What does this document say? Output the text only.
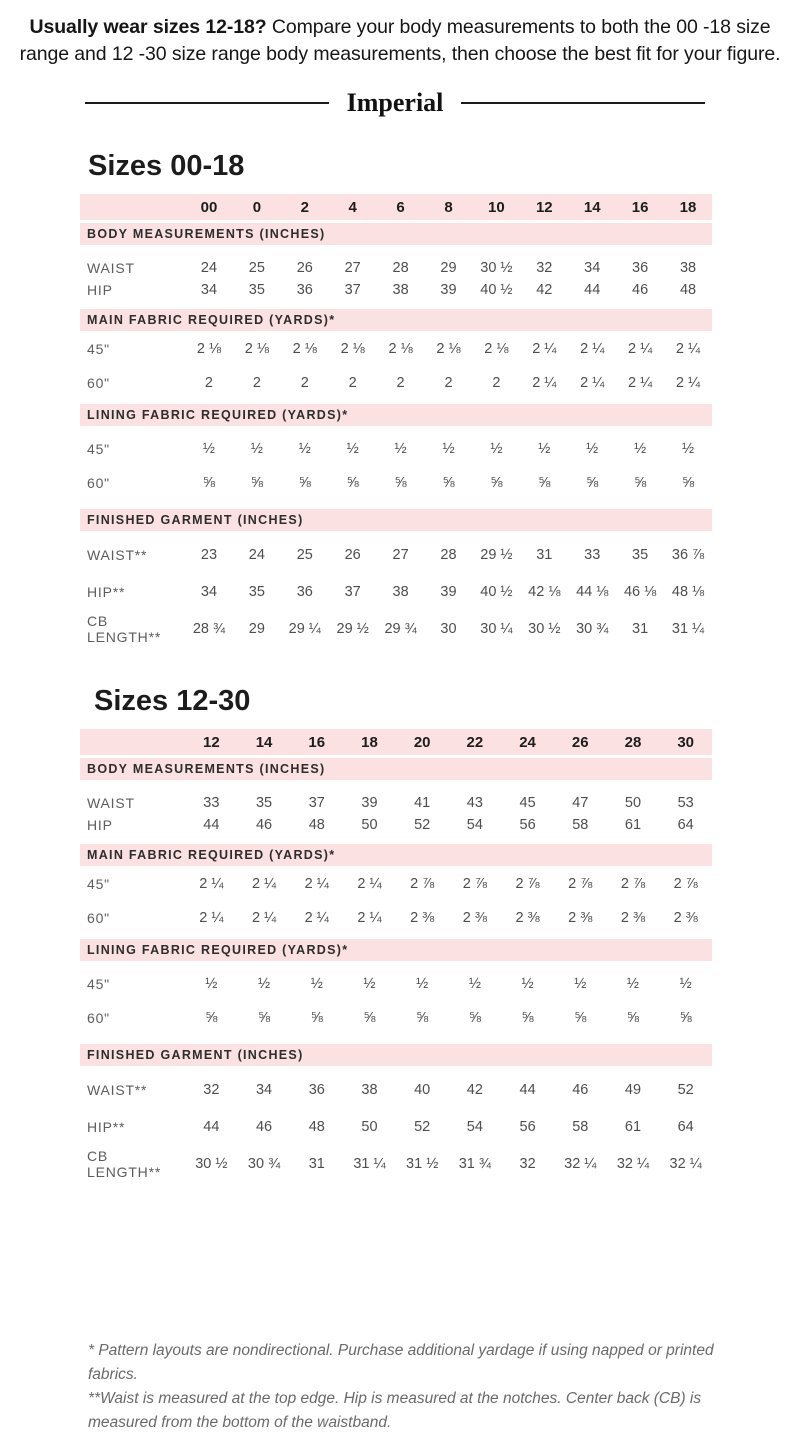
Usually wear sizes 12-18? Compare your body measurements to both the 00 -18 size range and 12 -30 size range body measurements, then choose the best fit for your figure.

Imperial
Sizes 00-18
00	0	2	4	6	8	10	12	14	16	18
BODY MEASUREMENTS (INCHES)
WAIST	24	25	26	27	28	29	30 ½	32	34	36	38
HIP	34	35	36	37	38	39	40 ½	42	44	46	48
MAIN FABRIC REQUIRED (YARDS)*
45"	2 ⅛	2 ⅛	2 ⅛	2 ⅛	2 ⅛	2 ⅛	2 ⅛	2 ¼	2 ¼	2 ¼	2 ¼
60"	2	2	2	2	2	2	2	2 ¼	2 ¼	2 ¼	2 ¼
LINING FABRIC REQUIRED (YARDS)*
45"	½	½	½	½	½	½	½	½	½	½	½
60"	⅝	⅝	⅝	⅝	⅝	⅝	⅝	⅝	⅝	⅝	⅝
FINISHED GARMENT (INCHES)
WAIST**	23	24	25	26	27	28	29 ½	31	33	35	36 ⅞
HIP**	34	35	36	37	38	39	40 ½	42 ⅛	44 ⅛	46 ⅛	48 ⅛
CB LENGTH**	28 ¾	29	29 ¼	29 ½	29 ¾	30	30 ¼	30 ½	30 ¾	31	31 ¼
Sizes 12-30
12	14	16	18	20	22	24	26	28	30
BODY MEASUREMENTS (INCHES)
WAIST	33	35	37	39	41	43	45	47	50	53
HIP	44	46	48	50	52	54	56	58	61	64
MAIN FABRIC REQUIRED (YARDS)*
45"	2 ¼	2 ¼	2 ¼	2 ¼	2 ⅞	2 ⅞	2 ⅞	2 ⅞	2 ⅞	2 ⅞
60"	2 ¼	2 ¼	2 ¼	2 ¼	2 ⅜	2 ⅜	2 ⅜	2 ⅜	2 ⅜	2 ⅜
LINING FABRIC REQUIRED (YARDS)*
45"	½	½	½	½	½	½	½	½	½	½
60"	⅝	⅝	⅝	⅝	⅝	⅝	⅝	⅝	⅝	⅝
FINISHED GARMENT (INCHES)
WAIST**	32	34	36	38	40	42	44	46	49	52
HIP**	44	46	48	50	52	54	56	58	61	64
CB LENGTH**	30 ½	30 ¾	31	31 ¼	31 ½	31 ¾	32	32 ¼	32 ¼	32 ¼

* Pattern layouts are nondirectional. Purchase additional yardage if using napped or printed fabrics.
**Waist is measured at the top edge. Hip is measured at the notches. Center back (CB) is measured from the bottom of the waistband.
